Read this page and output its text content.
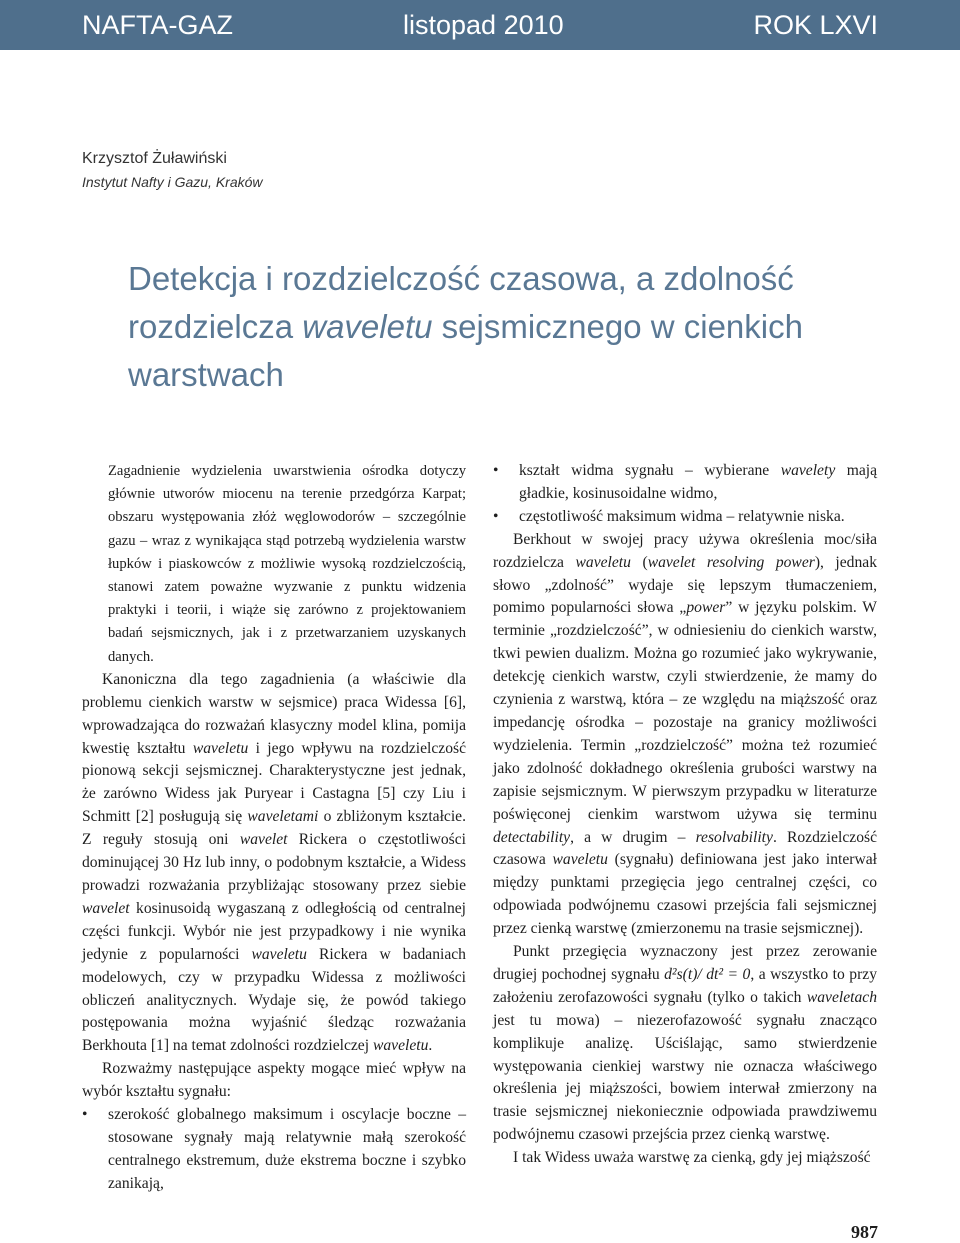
NAFTA-GAZ	listopad 2010	ROK LXVI
Krzysztof Żuławiński
Instytut Nafty i Gazu, Kraków
Detekcja i rozdzielczość czasowa, a zdolność rozdzielcza waveletu sejsmicznego w cienkich warstwach

Zagadnienie wydzielenia uwarstwienia ośrodka dotyczy głównie utworów miocenu na terenie przedgórza Karpat; obszaru występowania złóż węglowodorów – szczególnie gazu – wraz z wynikająca stąd potrzebą wydzielenia warstw łupków i piaskowców z możliwie wysoką rozdzielczością, stanowi zatem poważne wyzwanie z punktu widzenia praktyki i teorii, i wiąże się zarówno z projektowaniem badań sejsmicznych, jak i z przetwarzaniem uzyskanych danych.

Kanoniczna dla tego zagadnienia (a właściwie dla problemu cienkich warstw w sejsmice) praca Widessa [6], wprowadzająca do rozważań klasyczny model klina, pomija kwestię kształtu waveletu i jego wpływu na rozdzielczość pionową sekcji sejsmicznej. Charakterystyczne jest jednak, że zarówno Widess jak Puryear i Castagna [5] czy Liu i Schmitt [2] posługują się waveletami o zbliżonym kształcie. Z reguły stosują oni wavelet Rickera o częstotliwości dominującej 30 Hz lub inny, o podobnym kształcie, a Widess prowadzi rozważania przybliżając stosowany przez siebie wavelet kosinusoidą wygaszaną z odległością od centralnej części funkcji. Wybór nie jest przypadkowy i nie wynika jedynie z popularności waveletu Rickera w badaniach modelowych, czy w przypadku Widessa z możliwości obliczeń analitycznych. Wydaje się, że powód takiego postępowania można wyjaśnić śledząc rozważania Berkhouta [1] na temat zdolności rozdzielczej waveletu.

Rozważmy następujące aspekty mogące mieć wpływ na wybór kształtu sygnału:

• szerokość globalnego maksimum i oscylacje boczne – stosowane sygnały mają relatywnie małą szerokość centralnego ekstremum, duże ekstrema boczne i szybko zanikają,
• kształt widma sygnału – wybierane wavelety mają gładkie, kosinusoidalne widmo,
• częstotliwość maksimum widma – relatywnie niska.

Berkhout w swojej pracy używa określenia moc/siła rozdzielcza waveletu (wavelet resolving power), jednak słowo „zdolność” wydaje się lepszym tłumaczeniem, pomimo popularności słowa „power” w języku polskim. W terminie „rozdzielczość”, w odniesieniu do cienkich warstw, tkwi pewien dualizm. Można go rozumieć jako wykrywanie, detekcję cienkich warstw, czyli stwierdzenie, że mamy do czynienia z warstwą, która – ze względu na miąższość oraz impedancję ośrodka – pozostaje na granicy możliwości wydzielenia. Termin „rozdzielczość” można też rozumieć jako zdolność dokładnego określenia grubości warstwy na zapisie sejsmicznym. W pierwszym przypadku w literaturze poświęconej cienkim warstwom używa się terminu detectability, a w drugim – resolvability. Rozdzielczość czasowa waveletu (sygnału) definiowana jest jako interwał między punktami przegięcia jego centralnej części, co odpowiada podwójnemu czasowi przejścia fali sejsmicznej przez cienką warstwę (zmierzonemu na trasie sejsmicznej).

Punkt przegięcia wyznaczony jest przez zerowanie drugiej pochodnej sygnału d²s(t)/ dt² = 0, a wszystko to przy założeniu zerofazowości sygnału (tylko o takich waveletach jest tu mowa) – niezerofazowość sygnału znacząco komplikuje analizę. Uściślając, samo stwierdzenie występowania cienkiej warstwy nie oznacza właściwego określenia jej miąższości, bowiem interwał zmierzony na trasie sejsmicznej niekoniecznie odpowiada prawdziwemu podwójnemu czasowi przejścia przez cienką warstwę.

I tak Widess uważa warstwę za cienką, gdy jej miąższość

987
